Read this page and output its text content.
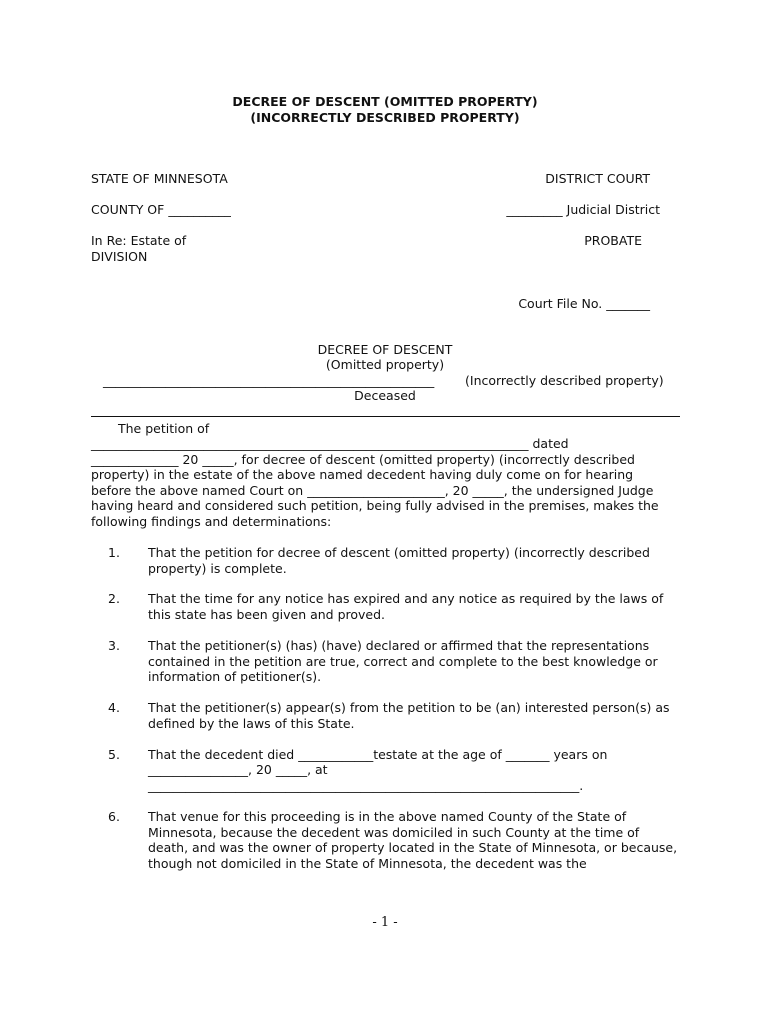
DECREE OF DESCENT (OMITTED PROPERTY)
(INCORRECTLY DESCRIBED PROPERTY)
STATE OF MINNESOTA	DISTRICT COURT
COUNTY OF __________	_________ Judicial District
In Re: Estate of	PROBATE
DIVISION
Court File No. _______
DECREE OF DESCENT
(Omitted property)
_____________________________________________________ (Incorrectly described property)
Deceased
The petition of
______________________________________________________________________ dated
______________ 20 _____, for decree of descent (omitted property) (incorrectly described
property) in the estate of the above named decedent having duly come on for hearing
before the above named Court on ______________________, 20 _____, the undersigned Judge
having heard and considered such petition, being fully advised in the premises, makes the
following findings and determinations:
1.	That the petition for decree of descent (omitted property) (incorrectly described property) is complete.
2.	That the time for any notice has expired and any notice as required by the laws of this state has been given and proved.
3.	That the petitioner(s) (has) (have) declared or affirmed that the representations contained in the petition are true, correct and complete to the best knowledge or information of petitioner(s).
4.	That the petitioner(s) appear(s) from the petition to be (an) interested person(s) as defined by the laws of this State.
5.	That the decedent died ____________testate at the age of _______ years on
________________, 20 _____, at
_____________________________________________________________________.
6.	That venue for this proceeding is in the above named County of the State of Minnesota, because the decedent was domiciled in such County at the time of death, and was the owner of property located in the State of Minnesota, or because, though not domiciled in the State of Minnesota, the decedent was the
- 1 -
